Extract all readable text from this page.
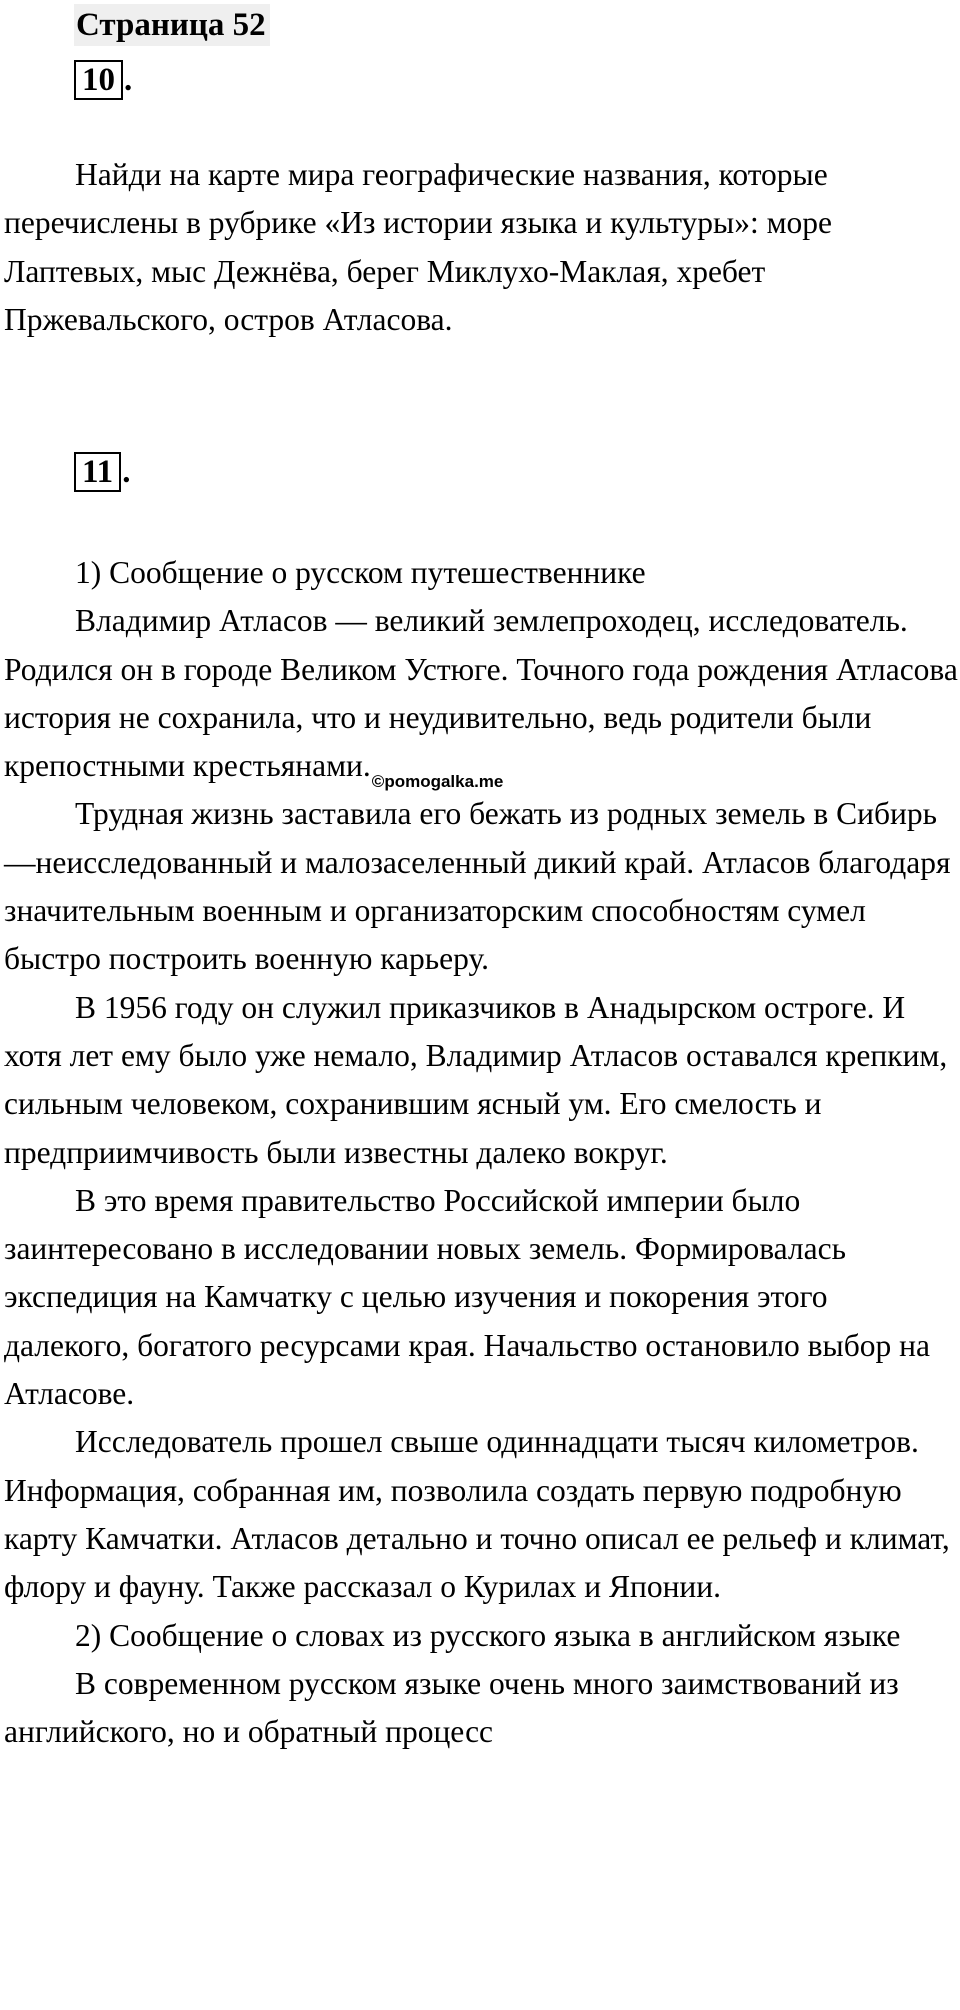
Страница 52
10 .

Найди на карте мира географические названия, которые перечислены в рубрике «Из истории языка и культуры»: море Лаптевых, мыс Дежнёва, берег Миклухо-Маклая, хребет Пржевальского, остров Атласова.

11 .

1) Сообщение о русском путешественнике

Владимир Атласов — великий землепроходец, исследователь. Родился он в городе Великом Устюге. Точного года рождения Атласова история не сохранила, что и неудивительно, ведь родители были крепостными $крестьянами._{©pomogalka.me}$

Трудная жизнь заставила его бежать из родных земель в Сибирь —неисследованный и малозаселенный дикий край. Атласов благодаря значительным военным и организаторским способностям сумел быстро построить военную карьеру.

В 1956 году он служил приказчиков в Анадырском остроге. И хотя лет ему было уже немало, Владимир Атласов оставался крепким, сильным человеком, сохранившим ясный ум. Его смелость и предприимчивость были известны далеко вокруг.

В это время правительство Российской империи было заинтересовано в исследовании новых земель. Формировалась экспедиция на Камчатку с целью изучения и покорения этого далекого, богатого ресурсами края. Начальство остановило выбор на Атласове.

Исследователь прошел свыше одиннадцати тысяч километров. Информация, собранная им, позволила создать первую подробную карту Камчатки. Атласов детально и точно описал ее рельеф и климат, флору и фауну. Также рассказал о Курилах и Японии.

2) Сообщение о словах из русского языка в английском языке

В современном русском языке очень много заимствований из английского, но и обратный процесс
